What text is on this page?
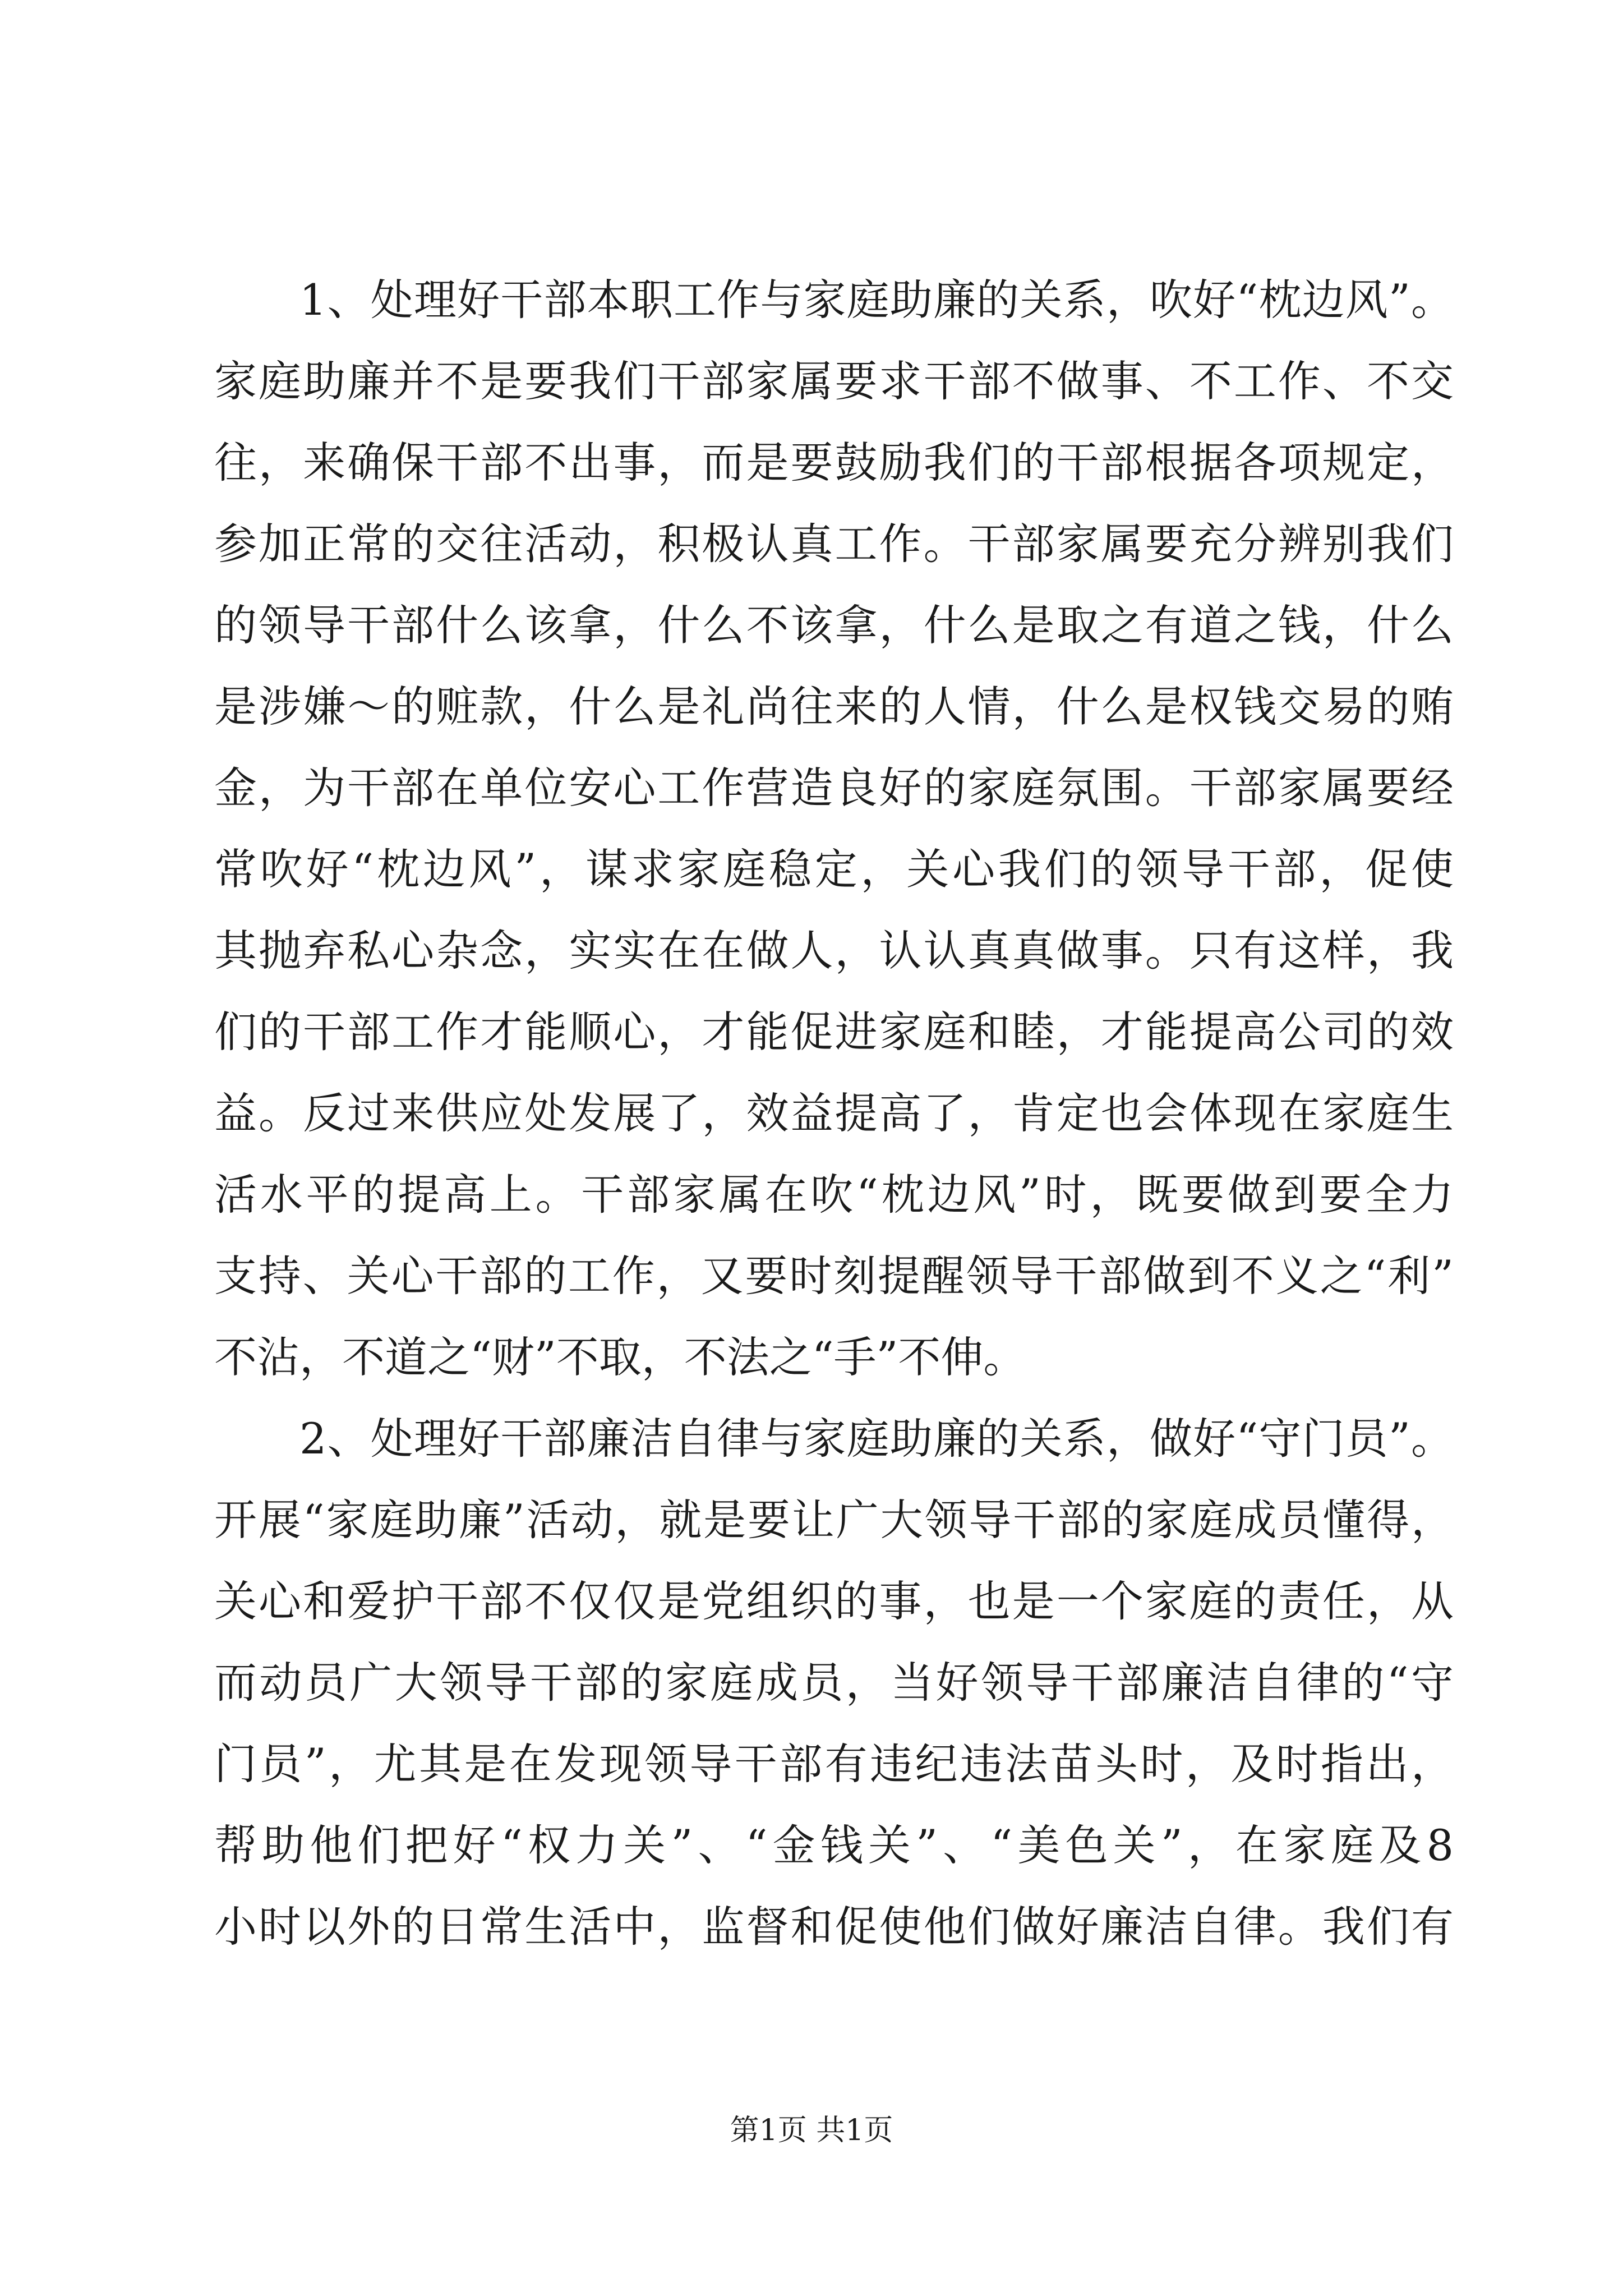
1、处理好干部本职工作与家庭助廉的关系，吹好“枕边风”。
家庭助廉并不是要我们干部家属要求干部不做事、不工作、不交
往，来确保干部不出事，而是要鼓励我们的干部根据各项规定，
参加正常的交往活动，积极认真工作。干部家属要充分辨别我们
的领导干部什么该拿，什么不该拿，什么是取之有道之钱，什么
是涉嫌～的赃款，什么是礼尚往来的人情，什么是权钱交易的贿
金，为干部在单位安心工作营造良好的家庭氛围。干部家属要经
常吹好“枕边风”，谋求家庭稳定，关心我们的领导干部，促使
其抛弃私心杂念，实实在在做人，认认真真做事。只有这样，我
们的干部工作才能顺心，才能促进家庭和睦，才能提高公司的效
益。反过来供应处发展了，效益提高了，肯定也会体现在家庭生
活水平的提高上。干部家属在吹“枕边风”时，既要做到要全力
支持、关心干部的工作，又要时刻提醒领导干部做到不义之“利”
不沾，不道之“财”不取，不法之“手”不伸。
2、处理好干部廉洁自律与家庭助廉的关系，做好“守门员”。
开展“家庭助廉”活动，就是要让广大领导干部的家庭成员懂得，
关心和爱护干部不仅仅是党组织的事，也是一个家庭的责任，从
而动员广大领导干部的家庭成员，当好领导干部廉洁自律的“守
门员”，尤其是在发现领导干部有违纪违法苗头时，及时指出，
帮助他们把好“权力关”、“金钱关”、“美色关”，在家庭及8
小时以外的日常生活中，监督和促使他们做好廉洁自律。我们有
第1页 共1页
